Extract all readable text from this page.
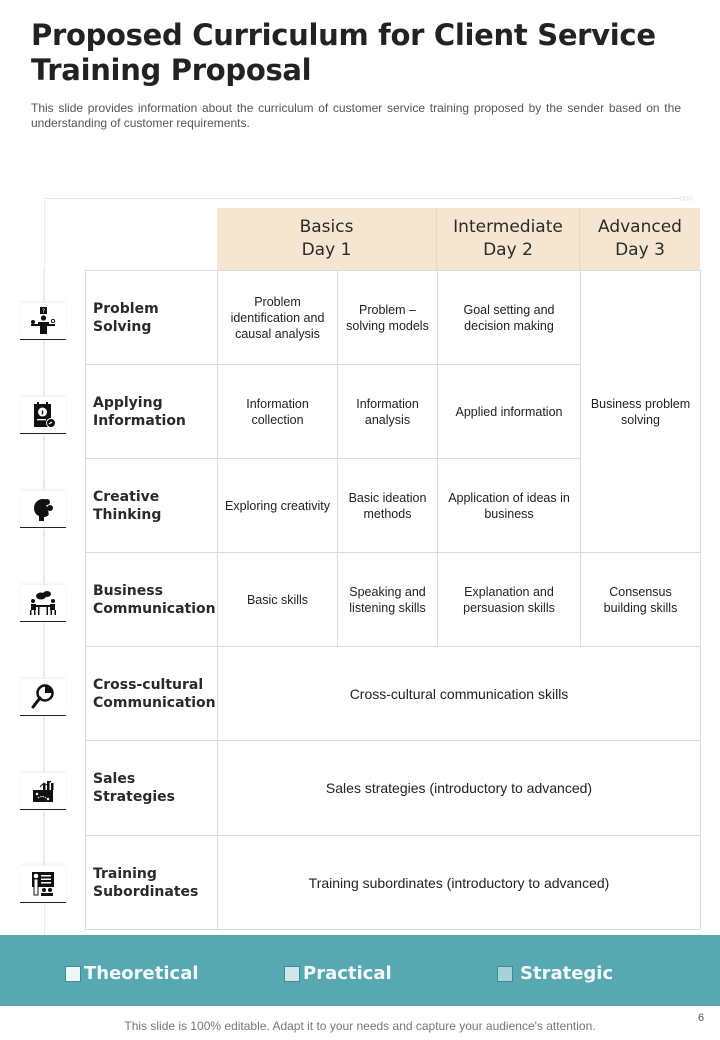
Proposed Curriculum for Client Service Training Proposal

This slide provides information about the curriculum of customer service training proposed by the sender based on the understanding of customer requirements.

○○○
Basics
Day 1
Intermediate
Day 2
Advanced
Day 3
Problem Solving
Problem identification and causal analysis
Problem – solving models
Goal setting and decision making
Applying Information
Information collection
Information analysis
Applied information
Creative Thinking
Exploring creativity
Basic ideation methods
Application of ideas in business
Business problem solving
Business Communication
Basic skills
Speaking and listening skills
Explanation and persuasion skills
Consensus building skills
Cross-cultural Communication
Cross-cultural communication skills
Sales Strategies
Sales strategies (introductory to advanced)
Training Subordinates
Training subordinates (introductory to advanced)
?
Theoretical	Practical	Strategic
This slide is 100% editable. Adapt it to your needs and capture your audience's attention.
6
